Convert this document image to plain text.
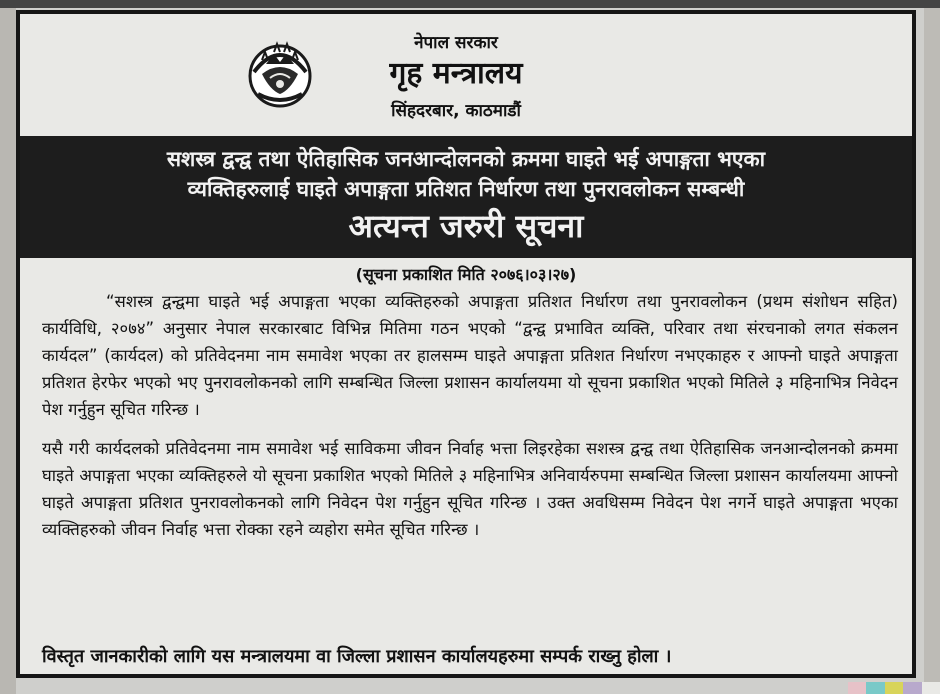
नेपाल सरकार
गृह मन्त्रालय
सिंहदरबार, काठमाडौं
सशस्त्र द्वन्द्व तथा ऐतिहासिक जनआन्दोलनको क्रममा घाइते भई अपाङ्गता भएका
व्यक्तिहरुलाई घाइते अपाङ्गता प्रतिशत निर्धारण तथा पुनरावलोकन सम्बन्धी
अत्यन्त जरुरी सूचना
(सूचना प्रकाशित मिति २०७६।०३।२७)

“सशस्त्र द्वन्द्वमा घाइते भई अपाङ्गता भएका व्यक्तिहरुको अपाङ्गता प्रतिशत निर्धारण तथा पुनरावलोकन (प्रथम संशोधन सहित) कार्यविधि, २०७४” अनुसार नेपाल सरकारबाट विभिन्न मितिमा गठन भएको “द्वन्द्व प्रभावित व्यक्ति, परिवार तथा संरचनाको लगत संकलन कार्यदल” (कार्यदल) को प्रतिवेदनमा नाम समावेश भएका तर हालसम्म घाइते अपाङ्गता प्रतिशत निर्धारण नभएकाहरु र आफ्नो घाइते अपाङ्गता प्रतिशत हेरफेर भएको भए पुनरावलोकनको लागि सम्बन्धित जिल्ला प्रशासन कार्यालयमा यो सूचना प्रकाशित भएको मितिले ३ महिनाभित्र निवेदन पेश गर्नुहुन सूचित गरिन्छ ।

यसै गरी कार्यदलको प्रतिवेदनमा नाम समावेश भई साविकमा जीवन निर्वाह भत्ता लिइरहेका सशस्त्र द्वन्द्व तथा ऐतिहासिक जनआन्दोलनको क्रममा घाइते अपाङ्गता भएका व्यक्तिहरुले यो सूचना प्रकाशित भएको मितिले ३ महिनाभित्र अनिवार्यरुपमा सम्बन्धित जिल्ला प्रशासन कार्यालयमा आफ्नो घाइते अपाङ्गता प्रतिशत पुनरावलोकनको लागि निवेदन पेश गर्नुहुन सूचित गरिन्छ । उक्त अवधिसम्म निवेदन पेश नगर्ने घाइते अपाङ्गता भएका व्यक्तिहरुको जीवन निर्वाह भत्ता रोक्का रहने व्यहोरा समेत सूचित गरिन्छ ।

विस्तृत जानकारीको लागि यस मन्त्रालयमा वा जिल्ला प्रशासन कार्यालयहरुमा सम्पर्क राख्नु होला ।
